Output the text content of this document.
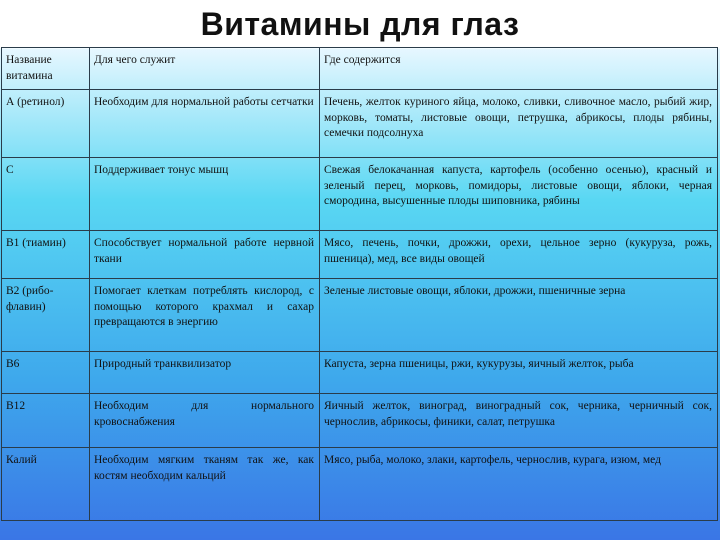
Витамины для глаз
Название витамина	Для чего служит	Где содержится
А (ретинол)	Необходим для нормальной работы сетчатки	Печень, желток куриного яйца, молоко, сливки, сливочное масло, рыбий жир, морковь, томаты, листовые овощи, петрушка, абрикосы, плоды рябины, семечки подсолнуха
С	Поддерживает тонус мышц	Свежая белокачанная капуста, картофель (особенно осенью), красный и зеленый перец, морковь, помидоры, листовые овощи, яблоки, черная смородина, высушенные плоды шиповника, рябины
В1 (тиамин)	Способствует нормальной работе нервной ткани	Мясо, печень, почки, дрожжи, орехи, цельное зерно (кукуруза, рожь, пшеница), мед, все виды овощей
В2 (рибо-флавин)	Помогает клеткам потреблять кислород, с помощью которого крахмал и сахар превращаются в энергию	Зеленые листовые овощи, яблоки, дрожжи, пшеничные зерна
В6	Природный транквилизатор	Капуста, зерна пшеницы, ржи, кукурузы, яичный желток, рыба
В12	Необходим для нормального кровоснабжения	Яичный желток, виноград, виноградный сок, черника, черничный сок, чернослив, абрикосы, финики, салат, петрушка
Калий	Необходим мягким тканям так же, как костям необходим кальций	Мясо, рыба, молоко, злаки, картофель, чернослив, курага, изюм, мед
